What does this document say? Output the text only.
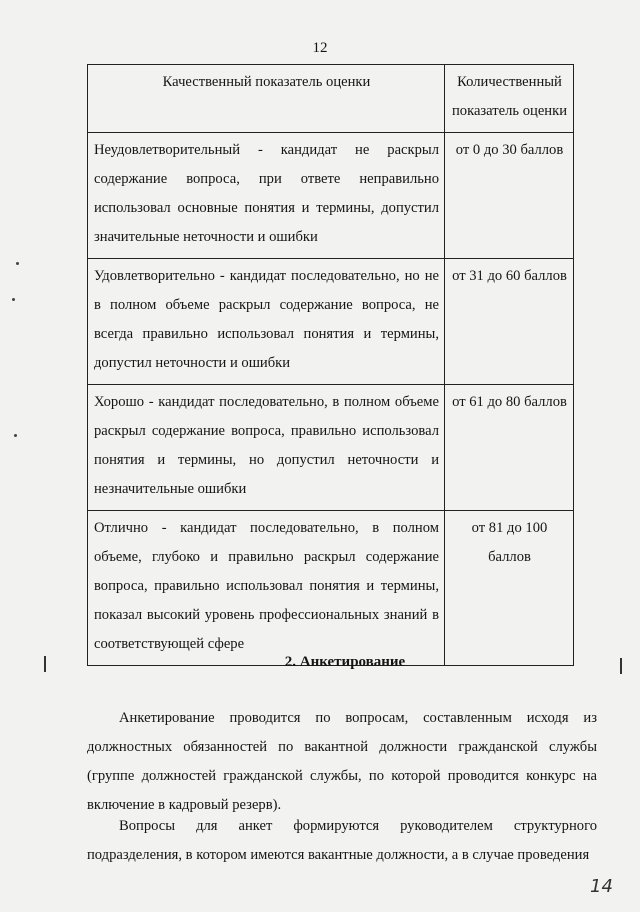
12
Качественный показатель оценки	Количественный показатель оценки
Неудовлетворительный - кандидат не раскрыл содержание вопроса, при ответе неправильно использовал основные понятия и термины, допустил значительные неточности и ошибки	от 0 до 30 баллов
Удовлетворительно - кандидат последовательно, но не в полном объеме раскрыл содержание вопроса, не всегда правильно использовал понятия и термины, допустил неточности и ошибки	от 31 до 60 баллов
Хорошо - кандидат последовательно, в полном объеме раскрыл содержание вопроса, правильно использовал понятия и термины, но допустил неточности и незначительные ошибки	от 61 до 80 баллов
Отлично - кандидат последовательно, в полном объеме, глубоко и правильно раскрыл содержание вопроса, правильно использовал понятия и термины, показал высокий уровень профессиональных знаний в соответствующей сфере	от 81 до 100 баллов
2. Анкетирование

Анкетирование проводится по вопросам, составленным исходя из должностных обязанностей по вакантной должности гражданской службы (группе должностей гражданской службы, по которой проводится конкурс на включение в кадровый резерв).

Вопросы для анкет формируются руководителем структурного подразделения, в котором имеются вакантные должности, а в случае проведения

14
